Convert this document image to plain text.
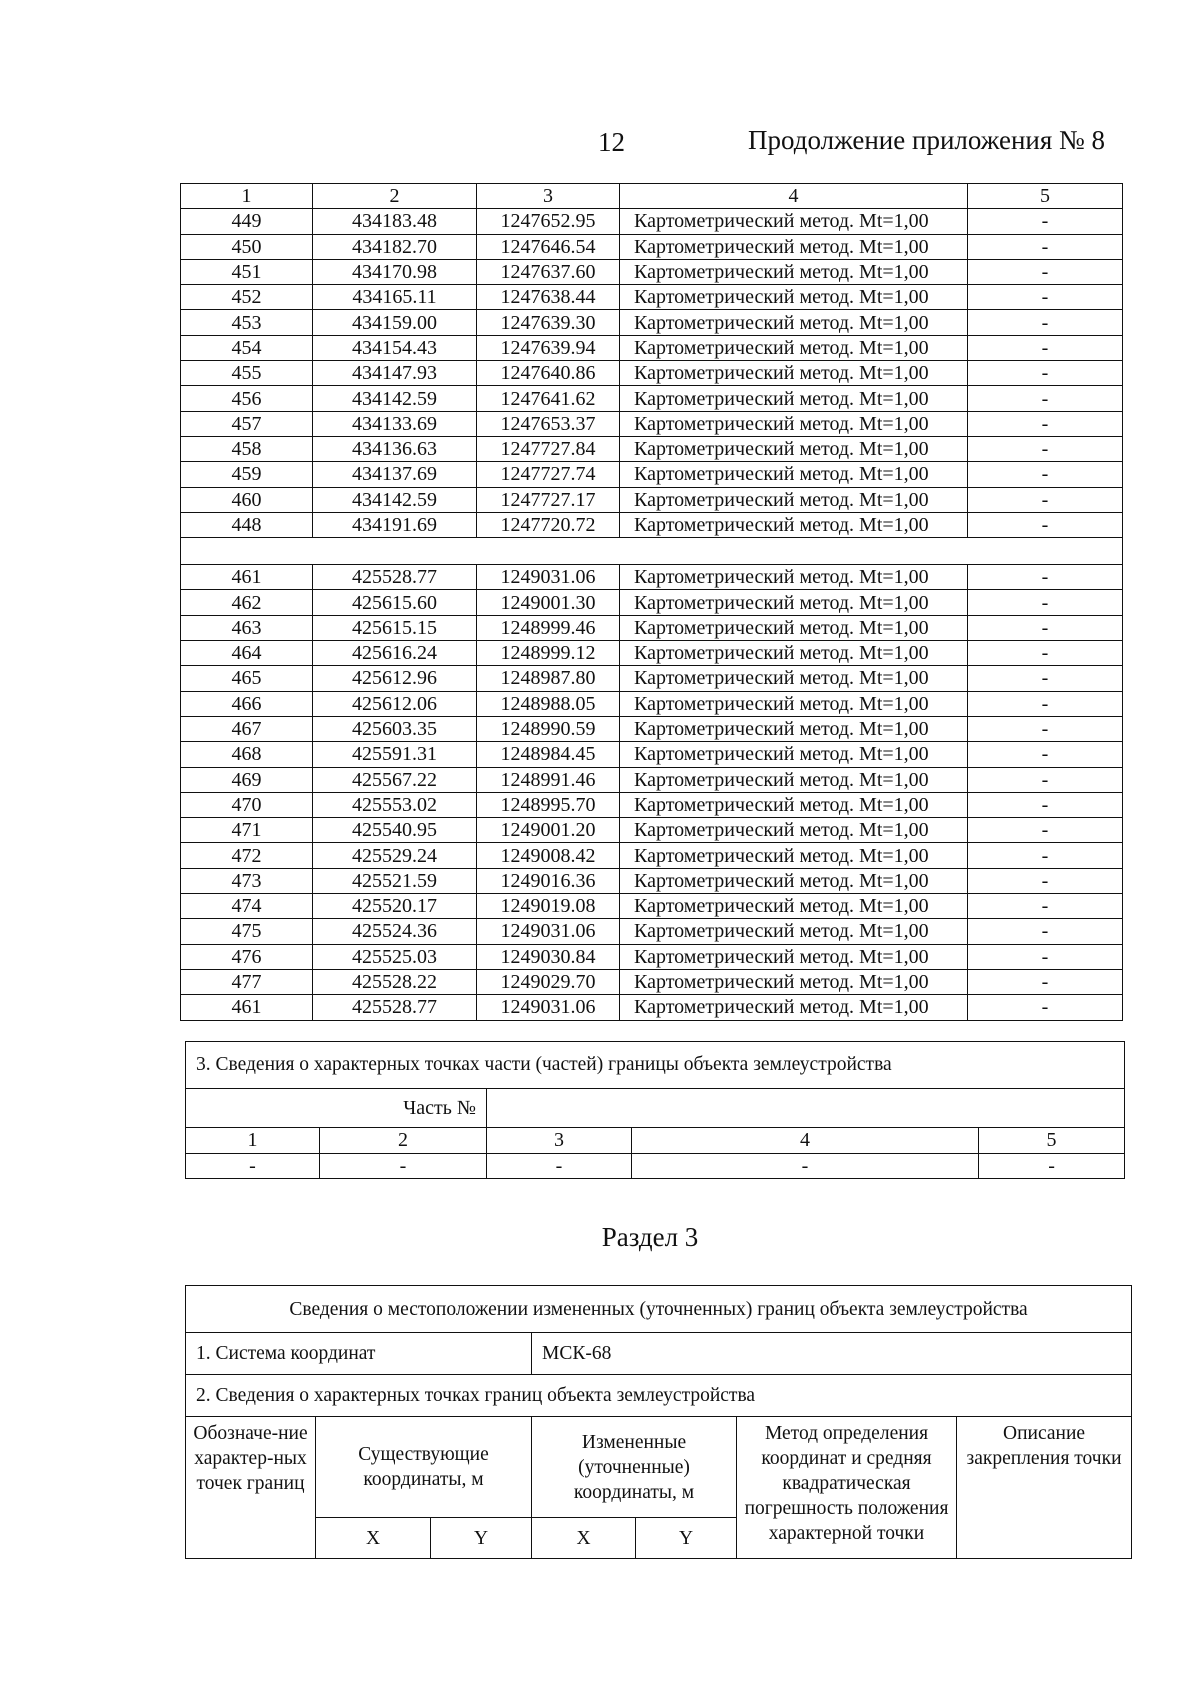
12	Продолжение приложения № 8
1	2	3	4	5
449	434183.48	1247652.95	Картометрический метод. Mt=1,00	-
450	434182.70	1247646.54	Картометрический метод. Mt=1,00	-
451	434170.98	1247637.60	Картометрический метод. Mt=1,00	-
452	434165.11	1247638.44	Картометрический метод. Mt=1,00	-
453	434159.00	1247639.30	Картометрический метод. Mt=1,00	-
454	434154.43	1247639.94	Картометрический метод. Mt=1,00	-
455	434147.93	1247640.86	Картометрический метод. Mt=1,00	-
456	434142.59	1247641.62	Картометрический метод. Mt=1,00	-
457	434133.69	1247653.37	Картометрический метод. Mt=1,00	-
458	434136.63	1247727.84	Картометрический метод. Mt=1,00	-
459	434137.69	1247727.74	Картометрический метод. Mt=1,00	-
460	434142.59	1247727.17	Картометрический метод. Mt=1,00	-
448	434191.69	1247720.72	Картометрический метод. Mt=1,00	-

461	425528.77	1249031.06	Картометрический метод. Mt=1,00	-
462	425615.60	1249001.30	Картометрический метод. Mt=1,00	-
463	425615.15	1248999.46	Картометрический метод. Mt=1,00	-
464	425616.24	1248999.12	Картометрический метод. Mt=1,00	-
465	425612.96	1248987.80	Картометрический метод. Mt=1,00	-
466	425612.06	1248988.05	Картометрический метод. Mt=1,00	-
467	425603.35	1248990.59	Картометрический метод. Mt=1,00	-
468	425591.31	1248984.45	Картометрический метод. Mt=1,00	-
469	425567.22	1248991.46	Картометрический метод. Mt=1,00	-
470	425553.02	1248995.70	Картометрический метод. Mt=1,00	-
471	425540.95	1249001.20	Картометрический метод. Mt=1,00	-
472	425529.24	1249008.42	Картометрический метод. Mt=1,00	-
473	425521.59	1249016.36	Картометрический метод. Mt=1,00	-
474	425520.17	1249019.08	Картометрический метод. Mt=1,00	-
475	425524.36	1249031.06	Картометрический метод. Mt=1,00	-
476	425525.03	1249030.84	Картометрический метод. Mt=1,00	-
477	425528.22	1249029.70	Картометрический метод. Mt=1,00	-
461	425528.77	1249031.06	Картометрический метод. Mt=1,00	-
3. Сведения о характерных точках части (частей) границы объекта землеустройства				
Часть №				
1	2	3	4	5
-	-	-	-	-
Раздел 3
Сведения о местоположении измененных (уточненных) границ объекта землеустройства						
1. Система координат			МСК-68			
2. Сведения о характерных точках границ объекта землеустройства						
Обозначе-ние характер-ных точек границ	Существующие координаты, м		Измененные (уточненные) координаты, м		Метод определения координат и средняя квадратическая погрешность положения характерной точки	Описание закрепления точки
	X	Y	X	Y		
